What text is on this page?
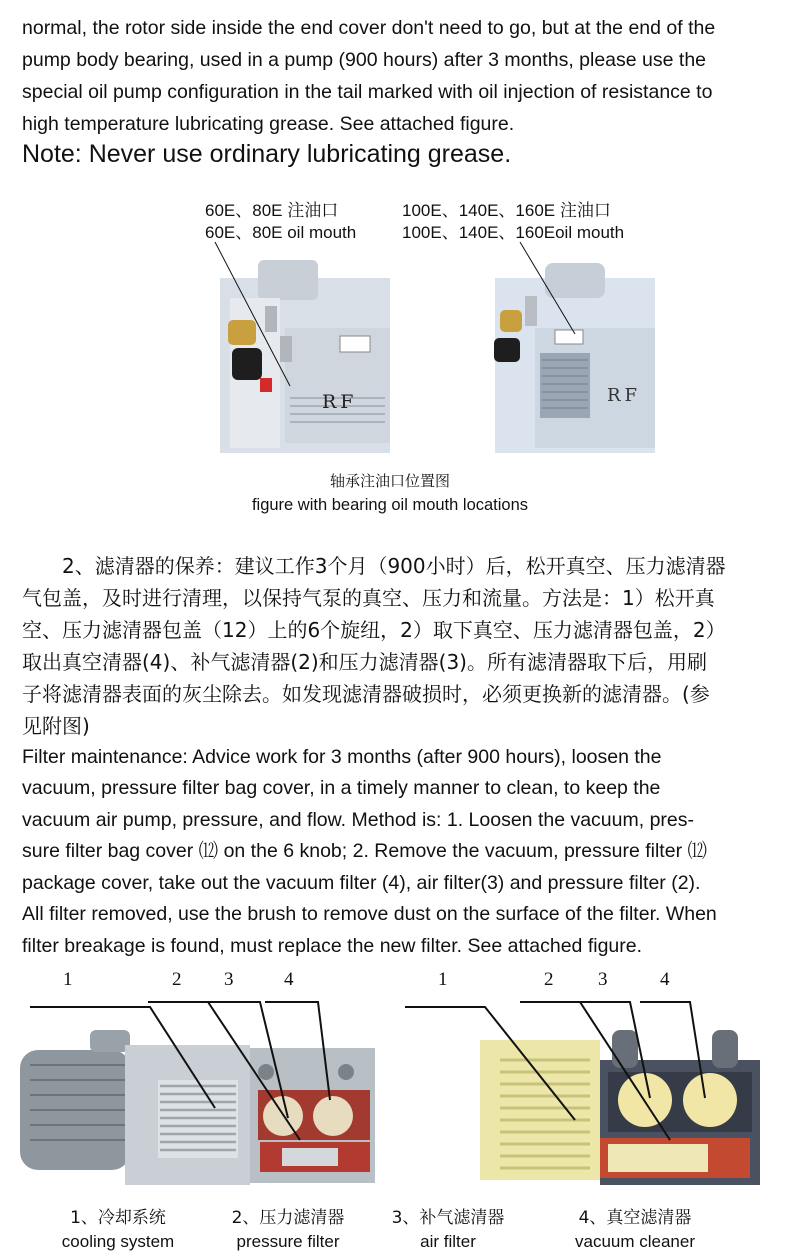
normal, the rotor side inside the end cover don't need to go, but at the end of the
pump body bearing, used in a pump (900 hours) after 3 months, please use the
special oil pump configuration in the tail marked with oil injection of resistance to
high temperature lubricating grease. See attached figure.
Note: Never use ordinary lubricating grease.
60E、80E 注油口
60E、80E oil mouth
100E、140E、160E 注油口
100E、140E、160Eoil mouth
RF	RF
轴承注油口位置图
figure with bearing oil mouth locations
　　2、滤清器的保养：建议工作3个月（900小时）后，松开真空、压力滤清器
气包盖，及时进行清理，以保持气泵的真空、压力和流量。方法是：1）松开真
空、压力滤清器包盖（12）上的6个旋纽，2）取下真空、压力滤清器包盖，2）
取出真空清器(4)、补气滤清器(2)和压力滤清器(3)。所有滤清器取下后，用刷
子将滤清器表面的灰尘除去。如发现滤清器破损时，必须更换新的滤清器。(参
见附图)
Filter maintenance: Advice work for 3 months (after 900 hours), loosen the
vacuum, pressure filter bag cover, in a timely manner to clean, to keep the
vacuum air pump, pressure, and flow. Method is: 1. Loosen the vacuum, pres-
sure filter bag cover ⑿ on the 6 knob; 2. Remove the vacuum, pressure filter ⑿
package cover, take out the vacuum filter (4), air filter(3) and pressure filter (2).
All filter removed, use the brush to remove dust on the surface of the filter. When
filter breakage is found, must replace the new filter. See attached figure.
1	2 3	4	1	2 3	4
1、冷却系统
cooling system
2、压力滤清器
pressure filter
3、补气滤清器
air filter
4、真空滤清器
vacuum cleaner
